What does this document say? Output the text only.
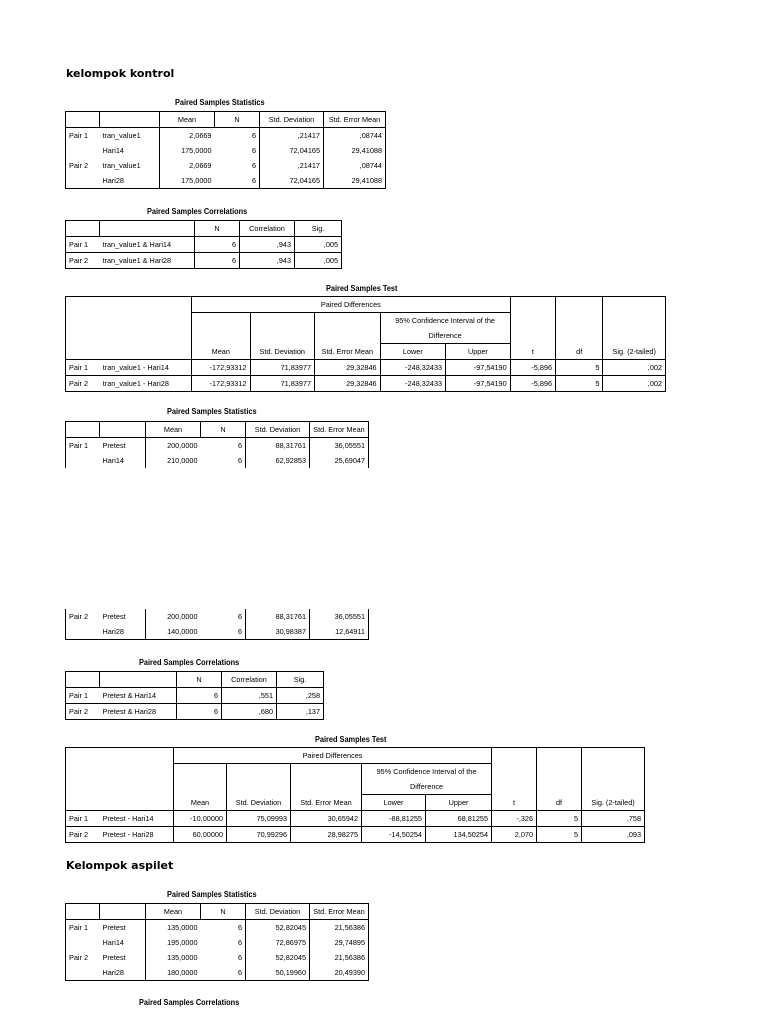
kelompok kontrol
Paired Samples Statistics
		Mean	N	Std. Deviation	Std. Error Mean
Pair 1	tran_value1	2,0669	6	,21417	,08744
	Hari14	175,0000	6	72,04165	29,41088
Pair 2	tran_value1	2,0669	6	,21417	,08744
	Hari28	175,0000	6	72,04165	29,41088
Paired Samples Correlations
		N	Correlation	Sig.
Pair 1	tran_value1 & Hari14	6	,943	,005
Pair 2	tran_value1 & Hari28	6	,943	,005
Paired Samples Test
		Paired Differences							
					95% Confidence Interval of the				
					Difference				
		Mean	Std. Deviation	Std. Error Mean	Lower	Upper	t	df	Sig. (2-tailed)
Pair 1	tran_value1 - Hari14	-172,93312	71,83977	29,32846	-248,32433	-97,54190	-5,896	5	,002
Pair 2	tran_value1 - Hari28	-172,93312	71,83977	29,32846	-248,32433	-97,54190	-5,896	5	,002
Paired Samples Statistics
		Mean	N	Std. Deviation	Std. Error Mean
Pair 1	Pretest	200,0000	6	88,31761	36,05551
	Hari14	210,0000	6	62,92853	25,69047
Pair 2	Pretest	200,0000	6	88,31761	36,05551
	Hari28	140,0000	6	30,98387	12,64911
Paired Samples Correlations
		N	Correlation	Sig.
Pair 1	Pretest & Hari14	6	,551	,258
Pair 2	Pretest & Hari28	6	,680	,137
Paired Samples Test
		Paired Differences							
					95% Confidence Interval of the				
					Difference				
		Mean	Std. Deviation	Std. Error Mean	Lower	Upper	t	df	Sig. (2-tailed)
Pair 1	Pretest - Hari14	-10,00000	75,09993	30,65942	-88,81255	68,81255	-,326	5	,758
Pair 2	Pretest - Hari28	60,00000	70,99296	28,98275	-14,50254	134,50254	2,070	5	,093
Kelompok aspilet
Paired Samples Statistics
		Mean	N	Std. Deviation	Std. Error Mean
Pair 1	Pretest	135,0000	6	52,82045	21,56386
	Hari14	195,0000	6	72,86975	29,74895
Pair 2	Pretest	135,0000	6	52,82045	21,56386
	Hari28	180,0000	6	50,19960	20,49390
Paired Samples Correlations
